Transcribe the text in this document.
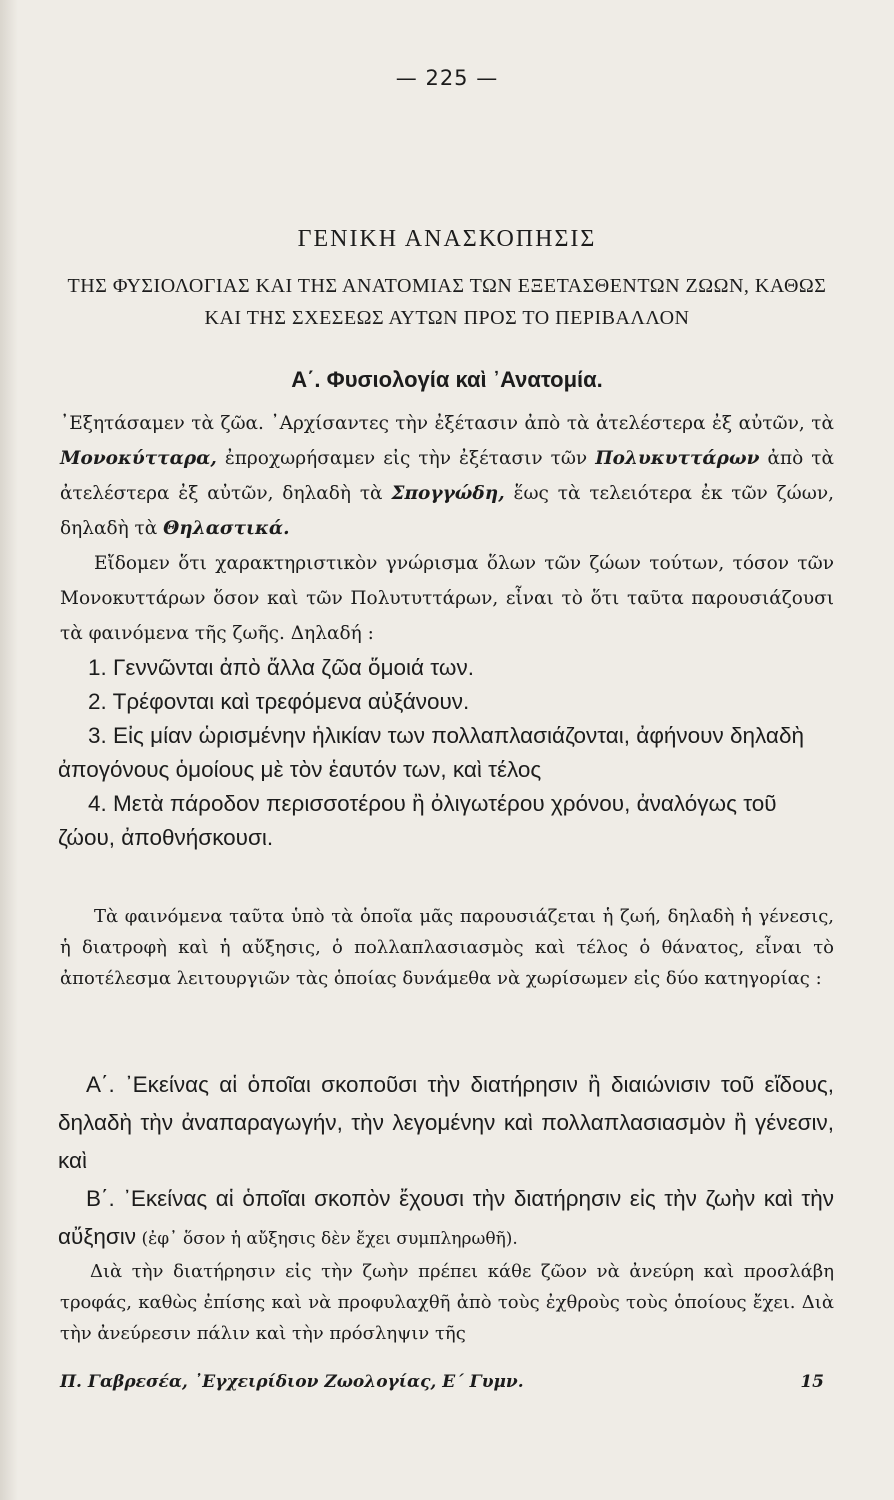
— 225 —
ΓΕΝΙΚΗ ΑΝΑΣΚΟΠΗΣΙΣ
ΤΗΣ ΦΥΣΙΟΛΟΓΙΑΣ ΚΑΙ ΤΗΣ ΑΝΑΤΟΜΙΑΣ ΤΩΝ ΕΞΕΤΑΣΘΕΝΤΩΝ ΖΩΩΝ, ΚΑΘΩΣ ΚΑΙ ΤΗΣ ΣΧΕΣΕΩΣ ΑΥΤΩΝ ΠΡΟΣ ΤΟ ΠΕΡΙΒΑΛΛΟΝ
Α΄. Φυσιολογία καὶ ᾿Ανατομία.
᾿Εξητάσαμεν τὰ ζῶα. ᾿Αρχίσαντες τὴν ἐξέτασιν ἀπὸ τὰ ἀτελέστερα ἐξ αὐτῶν, τὰ Μονοκύτταρα, ἐπροχωρήσαμεν εἰς τὴν ἐξέτασιν τῶν Πολυκυττάρων ἀπὸ τὰ ἀτελέστερα ἐξ αὐτῶν, δηλαδὴ τὰ Σπογγώδη, ἕως τὰ τελειότερα ἐκ τῶν ζώων, δηλαδὴ τὰ Θηλαστικά.
Εἴδομεν ὅτι χαρακτηριστικὸν γνώρισμα ὅλων τῶν ζώων τούτων, τόσον τῶν Μονοκυττάρων ὅσον καὶ τῶν Πολυτυττάρων, εἶναι τὸ ὅτι ταῦτα παρουσιάζουσι τὰ φαινόμενα τῆς ζωῆς. Δηλαδή :
1. Γεννῶνται ἀπὸ ἄλλα ζῶα ὅμοιά των.
2. Τρέφονται καὶ τρεφόμενα αὐξάνουν.
3. Εἰς μίαν ὡρισμένην ἡλικίαν των πολλαπλασιάζονται, ἀφήνουν δηλαδὴ ἀπογόνους ὁμοίους μὲ τὸν ἑαυτόν των, καὶ τέλος
4. Μετὰ πάροδον περισσοτέρου ἢ ὀλιγωτέρου χρόνου, ἀναλόγως τοῦ ζώου, ἀποθνήσκουσι.
Τὰ φαινόμενα ταῦτα ὑπὸ τὰ ὁποῖα μᾶς παρουσιάζεται ἡ ζωή, δηλαδὴ ἡ γένεσις, ἡ διατροφὴ καὶ ἡ αὔξησις, ὁ πολλαπλασιασμὸς καὶ τέλος ὁ θάνατος, εἶναι τὸ ἀποτέλεσμα λειτουργιῶν τὰς ὁποίας δυνάμεθα νὰ χωρίσωμεν εἰς δύο κατηγορίας :
Α΄. ᾿Εκείνας αἱ ὁποῖαι σκοποῦσι τὴν διατήρησιν ἢ διαιώνισιν τοῦ εἴδους, δηλαδὴ τὴν ἀναπαραγωγήν, τὴν λεγομένην καὶ πολλαπλασιασμὸν ἢ γένεσιν, καὶ
Β΄. ᾿Εκείνας αἱ ὁποῖαι σκοπὸν ἔχουσι τὴν διατήρησιν εἰς τὴν ζωὴν καὶ τὴν αὔξησιν (ἐφ᾿ ὅσον ἡ αὔξησις δὲν ἔχει συμπληρωθῆ).
Διὰ τὴν διατήρησιν εἰς τὴν ζωὴν πρέπει κάθε ζῶον νὰ ἀνεύρη καὶ προσλάβη τροφάς, καθὼς ἐπίσης καὶ νὰ προφυλαχθῆ ἀπὸ τοὺς ἐχθροὺς τοὺς ὁποίους ἔχει. Διὰ τὴν ἀνεύρεσιν πάλιν καὶ τὴν πρόσληψιν τῆς
Π. Γαβρεσέα, ᾿Εγχειρίδιον Ζωολογίας, Ε΄ Γυμν.	15
